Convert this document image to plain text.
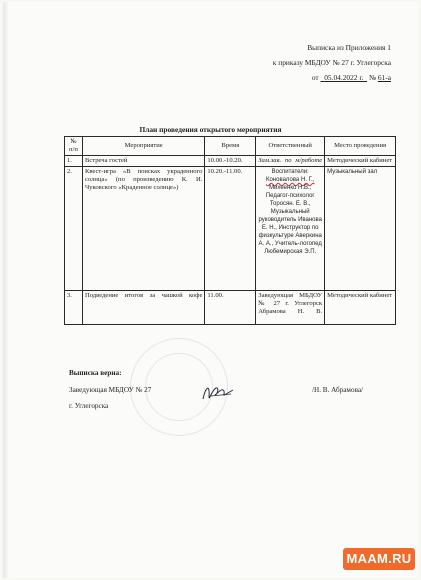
Выписка из Приложения 1
к приказу МБДОУ № 27 г. Углегорска
от 05.04.2022 г. № 61-а
План проведения открытого мероприятия
№ п/п	Мероприятие	Время	Ответственный	Место проведения
1.	Встреча гостей	10.00.-10.20.	Зам.зав. по м/работе	Методический кабинет
2.	Квест-игра «В поисках украденного солнца» (по произведению К. И. Чуковского «Краденное солнце»)	10.20.-11.00.	Воспитатели:
Коновалова Н. Г.,
Михеенко Н.В., Педагог-психолог Торосян. Е. В., Музыкальный руководитель Иванова Е. Н., Инструктор по физкультуре Аверкина А. А., Учитель-логопед Любемирская Э.П.	Музыкальный зал
3.	Подведение итогов за чашкой кофе	11.00.	Заведующая МБДОУ № 27 г. Углегорск Абрамова Н. В.	Методический кабинет
Выписка верна:
Заведующая МБДОУ № 27
г. Углегорска
/Н. В. Абрамова/
MAAM.RU
